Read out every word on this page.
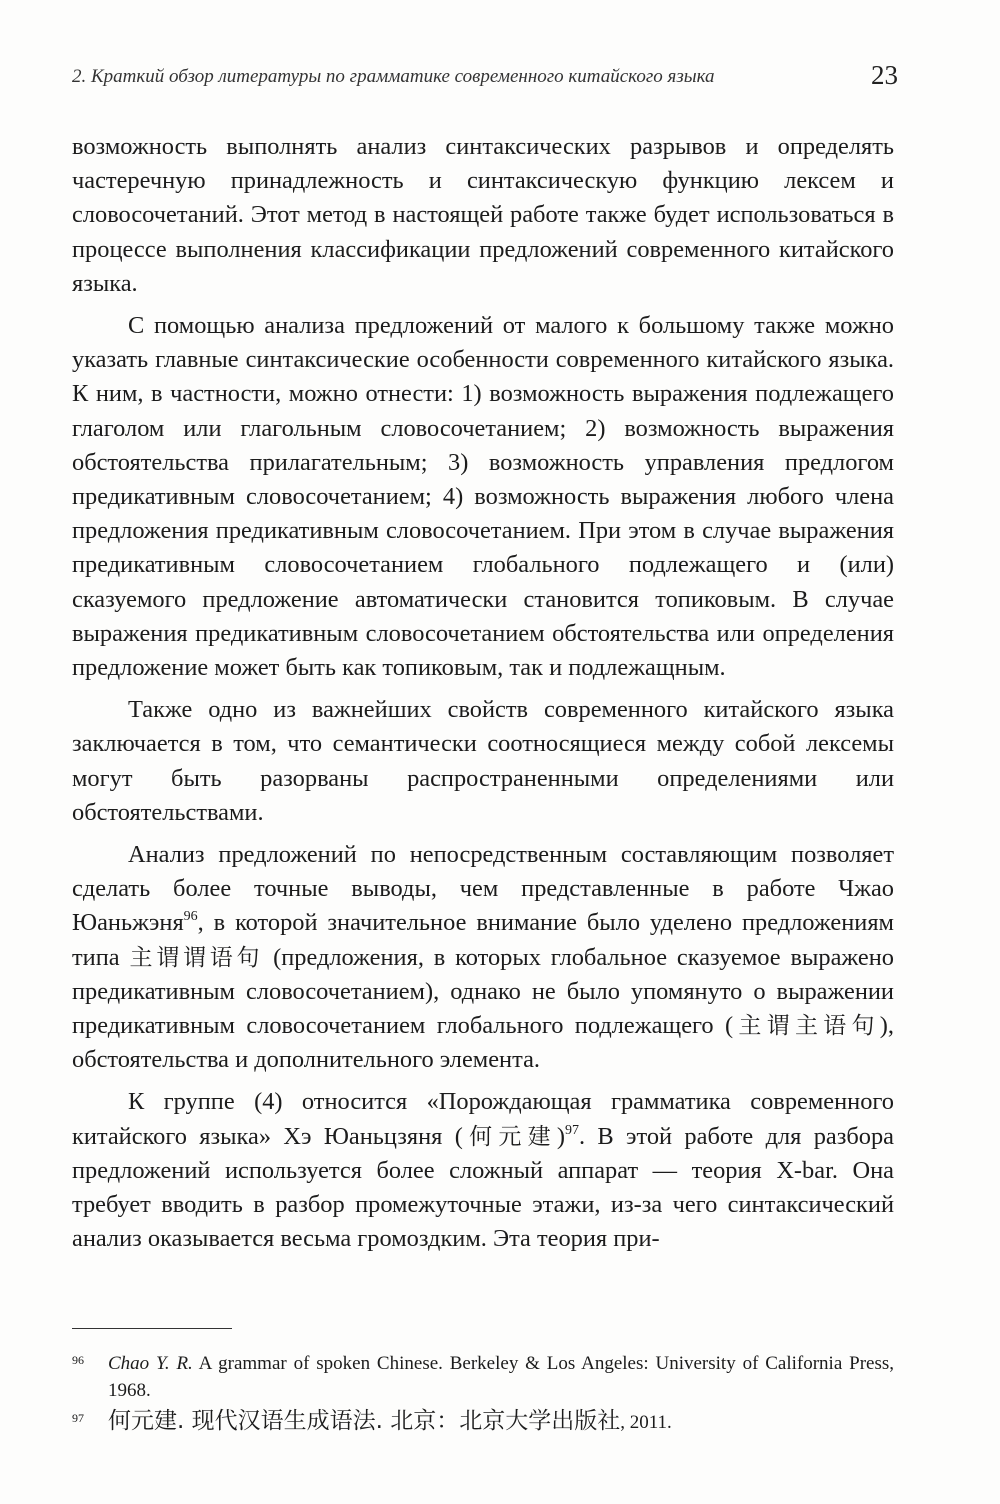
2. Краткий обзор литературы по грамматике современного китайского языка	23

возможность выполнять анализ синтаксических разрывов и определять частеречную принадлежность и синтаксическую функцию лексем и словосочетаний. Этот метод в настоящей работе также будет использоваться в процессе выполнения классификации предложений современного китайского языка.

С помощью анализа предложений от малого к большому также можно указать главные синтаксические особенности современного китайского языка. К ним, в частности, можно отнести: 1) возможность выражения подлежащего глаголом или глагольным словосочетанием; 2) возможность выражения обстоятельства прилагательным; 3) возможность управления предлогом предикативным словосочетанием; 4) возможность выражения любого члена предложения предикативным словосочетанием. При этом в случае выражения предикативным словосочетанием глобального подлежащего и (или) сказуемого предложение автоматически становится топиковым. В случае выражения предикативным словосочетанием обстоятельства или определения предложение может быть как топиковым, так и подлежащным.

Также одно из важнейших свойств современного китайского языка заключается в том, что семантически соотносящиеся между собой лексемы могут быть разорваны распространенными определениями или обстоятельствами.

Анализ предложений по непосредственным составляющим позволяет сделать более точные выводы, чем представленные в работе Чжао Юаньжэня$^{96}$, в которой значительное внимание было уделено предложениям типа 主谓谓语句 (предложения, в которых глобальное сказуемое выражено предикативным словосочетанием), однако не было упомянуто о выражении предикативным словосочетанием глобального подлежащего (主谓主语句), обстоятельства и дополнительного элемента.

К группе (4) относится «Порождающая грамматика современного китайского языка» Хэ Юаньцзяня (何元建)$^{97}$. В этой работе для разбора предложений используется более сложный аппарат — теория X-bar. Она требует вводить в разбор промежуточные этажи, из-за чего синтаксический анализ оказывается весьма громоздким. Эта теория при-

96 Chao Y. R. A grammar of spoken Chinese. Berkeley & Los Angeles: University of California Press, 1968.
97 何元建. 现代汉语生成语法. 北京：北京大学出版社, 2011.
